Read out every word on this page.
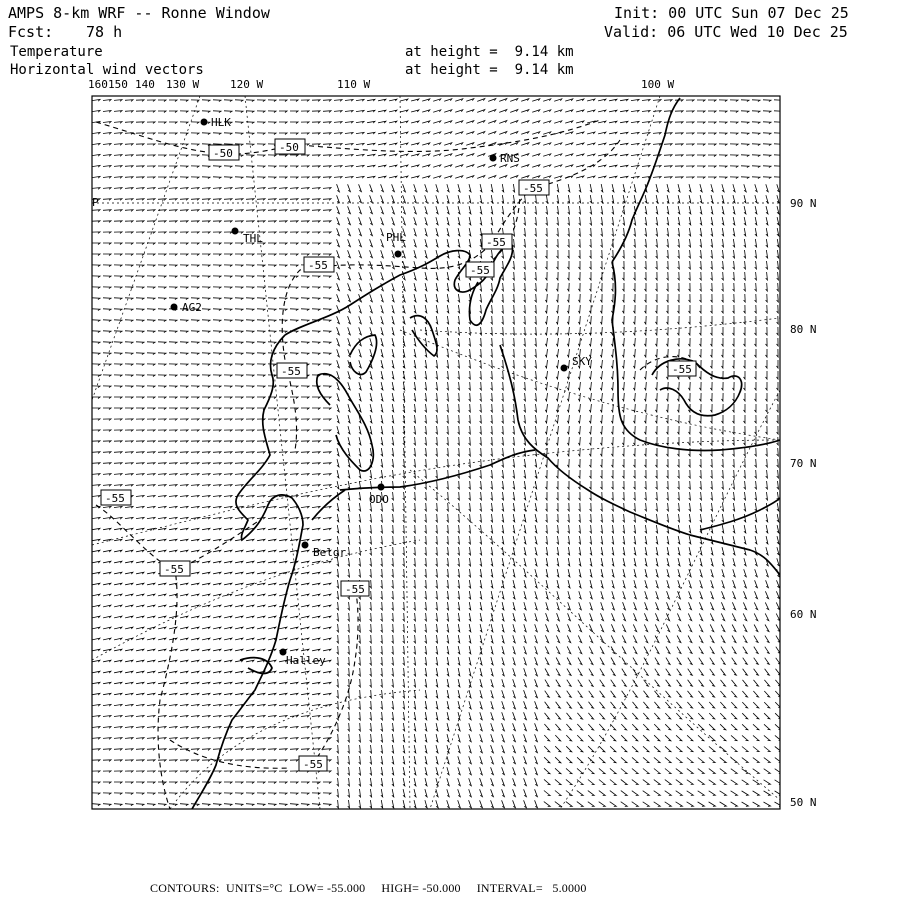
AMPS 8-km WRF -- Ronne Window
Fcst: 78 h
Temperature
Horizontal wind vectors
at height =  9.14 km
at height =  9.14 km
Init: 00 UTC Sun 07 Dec 25
Valid: 06 UTC Wed 10 Dec 25
160 150 140 130 W	120 W	110 W	100 W
90 N
80 N
70 N
60 N
50 N
-50	-50
-55
-55
-55	-55
-55	-55
-55
-55
-55
-55
HLK
RNS
THL	PHL
AG2
SKY
ODO
Belgr
Halley
P
CONTOURS:  UNITS=°C  LOW= -55.000     HIGH= -50.000     INTERVAL=   5.0000
